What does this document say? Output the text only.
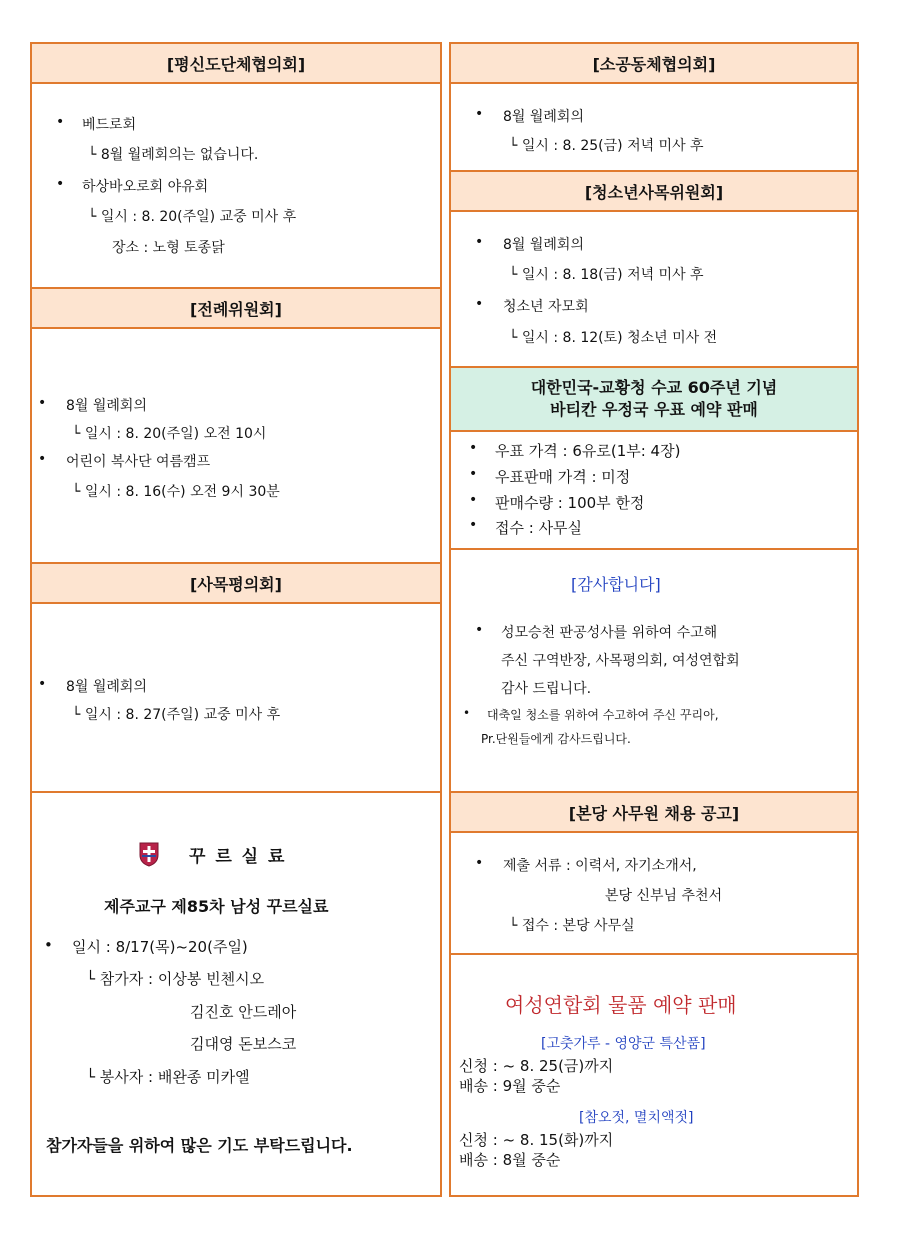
[평신도단체협의회]
• 베드로회
└ 8월 월례회의는 없습니다.
• 하상바오로회 야유회
└ 일시 : 8. 20(주일) 교중 미사 후
장소 : 노형 토종닭
[전례위원회]
• 8월 월례회의
└ 일시 : 8. 20(주일) 오전 10시
• 어린이 복사단 여름캠프
└ 일시 : 8. 16(수) 오전 9시 30분
[사목평의회]
• 8월 월례회의
└ 일시 : 8. 27(주일) 교중 미사 후
꾸 르 실 료
제주교구 제85차 남성 꾸르실료
• 일시 : 8/17(목)~20(주일)
└ 참가자 : 이상봉 빈첸시오
김진호 안드레아
김대영 돈보스코
└ 봉사자 : 배완종 미카엘
참가자들을 위하여 많은 기도 부탁드립니다.
[소공동체협의회]
• 8월 월례회의
└ 일시 : 8. 25(금) 저녁 미사 후
[청소년사목위원회]
• 8월 월례회의
└ 일시 : 8. 18(금) 저녁 미사 후
• 청소년 자모회
└ 일시 : 8. 12(토) 청소년 미사 전
대한민국-교황청 수교 60주년 기념
바티칸 우정국 우표 예약 판매
• 우표 가격 : 6유로(1부: 4장)
• 우표판매 가격 : 미정
• 판매수량 : 100부 한정
• 접수 : 사무실
[감사합니다]
• 성모승천 판공성사를 위하여 수고해
주신 구역반장, 사목평의회, 여성연합회
감사 드립니다.
• 대축일 청소를 위하여 수고하여 주신 꾸리아,
Pr.단원들에게 감사드립니다.
[본당 사무원 채용 공고]
• 제출 서류 : 이력서, 자기소개서,
본당 신부님 추천서
└ 접수 : 본당 사무실
여성연합회 물품 예약 판매
[고춧가루 - 영양군 특산품]
신청 : ~ 8. 25(금)까지
배송 : 9월 중순
[참오젓, 멸치액젓]
신청 : ~ 8. 15(화)까지
배송 : 8월 중순
